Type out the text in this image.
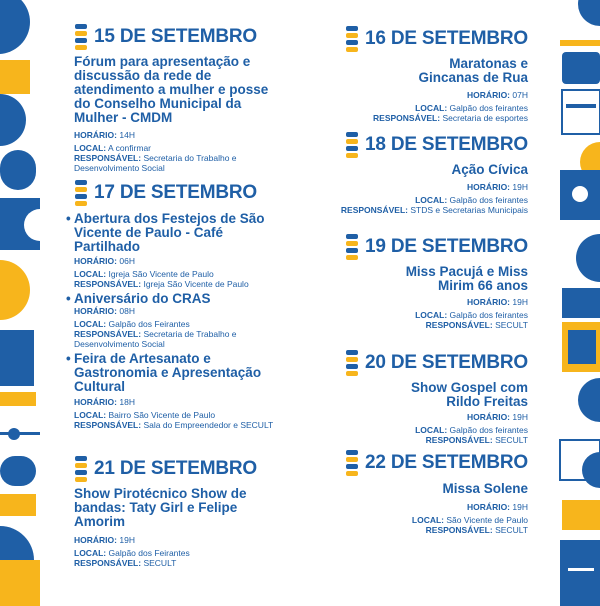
15 DE SETEMBRO
Fórum para apresentação e discussão da rede de atendimento a mulher e posse do Conselho Municipal da Mulher - CMDM
HORÁRIO: 14H
LOCAL: A confirmar
RESPONSÁVEL: Secretaria do Trabalho e Desenvolvimento Social
17 DE SETEMBRO
• Abertura dos Festejos de São Vicente de Paulo - Café Partilhado
HORÁRIO: 06H
LOCAL: Igreja São Vicente de Paulo
RESPONSÁVEL: Igreja São Vicente de Paulo
• Aniversário do CRAS
HORÁRIO: 08H
LOCAL: Galpão dos Feirantes
RESPONSÁVEL: Secretaria de Trabalho e Desenvolvimento Social
• Feira de Artesanato e Gastronomia e Apresentação Cultural
HORÁRIO: 18H
LOCAL: Bairro São Vicente de Paulo
RESPONSÁVEL: Sala do Empreendedor e SECULT
21 DE SETEMBRO
Show Pirotécnico Show de bandas: Taty Girl e Felipe Amorim
HORÁRIO: 19H
LOCAL: Galpão dos Feirantes
RESPONSÁVEL: SECULT
16 DE SETEMBRO
Maratonas e Gincanas de Rua
HORÁRIO: 07H
LOCAL: Galpão dos feirantes
RESPONSÁVEL: Secretaria de esportes
18 DE SETEMBRO
Ação Cívica
HORÁRIO: 19H
LOCAL: Galpão dos feirantes
RESPONSÁVEL: STDS e Secretarias Municipais
19 DE SETEMBRO
Miss Pacujá e Miss Mirim 66 anos
HORÁRIO: 19H
LOCAL: Galpão dos feirantes
RESPONSÁVEL: SECULT
20 DE SETEMBRO
Show Gospel com Rildo Freitas
HORÁRIO: 19H
LOCAL: Galpão dos feirantes
RESPONSÁVEL: SECULT
22 DE SETEMBRO
Missa Solene
HORÁRIO: 19H
LOCAL: São Vicente de Paulo
RESPONSÁVEL: SECULT
